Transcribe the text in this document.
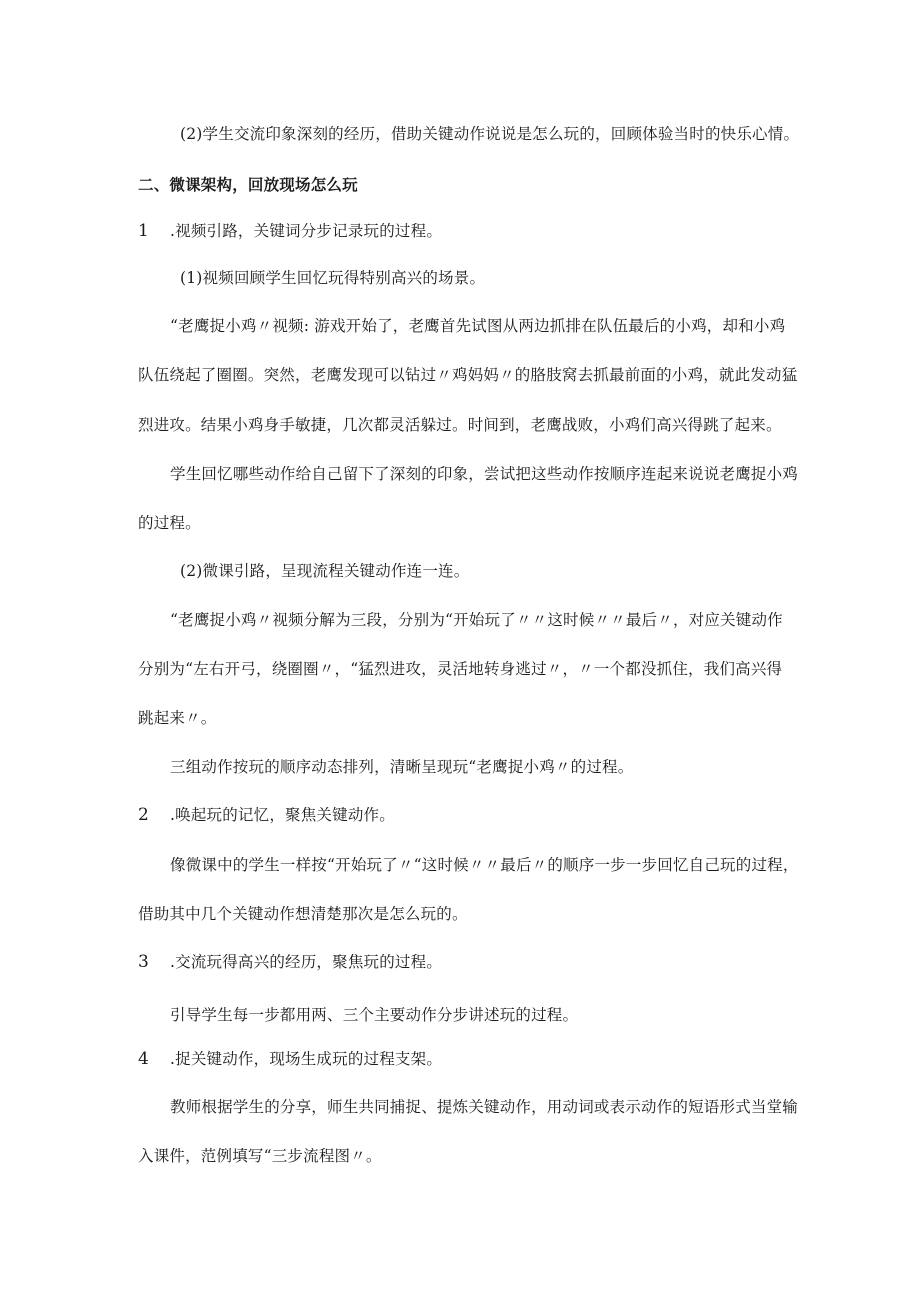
(2)学生交流印象深刻的经历，借助关键动作说说是怎么玩的，回顾体验当时的快乐心情。
二、微课架构，回放现场怎么玩
1 .视频引路，关键词分步记录玩的过程。
(1)视频回顾学生回忆玩得特别高兴的场景。
“老鹰捉小鸡〃视频: 游戏开始了，老鹰首先试图从两边抓排在队伍最后的小鸡，却和小鸡
队伍绕起了圈圈。突然，老鹰发现可以钻过〃鸡妈妈〃的胳肢窝去抓最前面的小鸡，就此发动猛
烈进攻。结果小鸡身手敏捷，几次都灵活躲过。时间到，老鹰战败，小鸡们高兴得跳了起来。
学生回忆哪些动作给自己留下了深刻的印象，尝试把这些动作按顺序连起来说说老鹰捉小鸡
的过程。
(2)微课引路，呈现流程关键动作连一连。
“老鹰捉小鸡〃视频分解为三段，分别为“开始玩了〃〃这时候〃〃最后〃，对应关键动作
分别为“左右开弓，绕圈圈〃，“猛烈进攻，灵活地转身逃过〃，〃一个都没抓住，我们高兴得
跳起来〃。
三组动作按玩的顺序动态排列，清晰呈现玩“老鹰捉小鸡〃的过程。
2 .唤起玩的记忆，聚焦关键动作。
像微课中的学生一样按“开始玩了〃“这时候〃〃最后〃的顺序一步一步回忆自己玩的过程，
借助其中几个关键动作想清楚那次是怎么玩的。
3 .交流玩得高兴的经历，聚焦玩的过程。
引导学生每一步都用两、三个主要动作分步讲述玩的过程。
4 .捉关键动作，现场生成玩的过程支架。
教师根据学生的分享，师生共同捕捉、提炼关键动作，用动词或表示动作的短语形式当堂输
入课件，范例填写“三步流程图〃。
